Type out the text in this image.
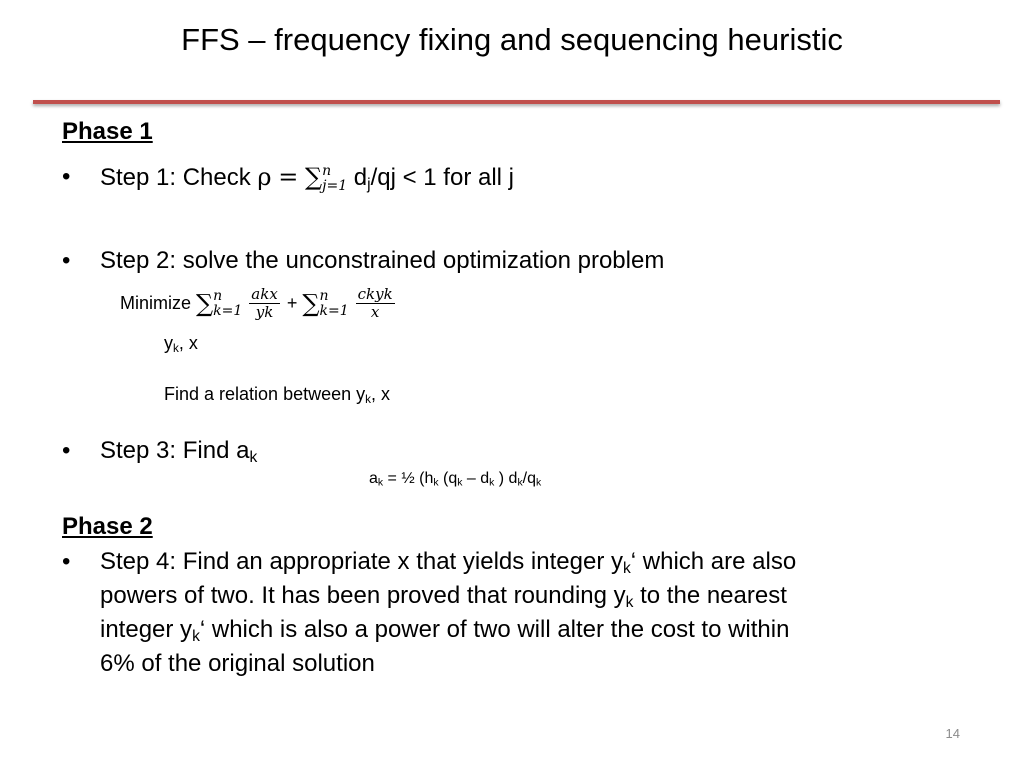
FFS – frequency fixing and sequencing heuristic
Phase 1
• Step 1: Check ρ = ∑ n
j=1 $d_j/qj < 1$ for all j
• Step 2: solve the unconstrained optimization problem
Minimize ∑ n
k=1
$\frac{\text{akx}}{yk}$ + ∑ n
k=1
$\frac{\text{ckyk}}{x}$
$y_k$, x
Find a relation between $y_k$, x
• Step 3: Find $a_k$
$a_k$ = ½ ($h_k$ ($q_k - d_k$ ) $d_k/q_k$
Phase 2
• Step 4: Find an appropriate x that yields integer $y_k‘$ which are also
powers of two. It has been proved that rounding $y_k$ to the nearest
integer $y_k‘$ which is also a power of two will alter the cost to within
6% of the original solution
14
